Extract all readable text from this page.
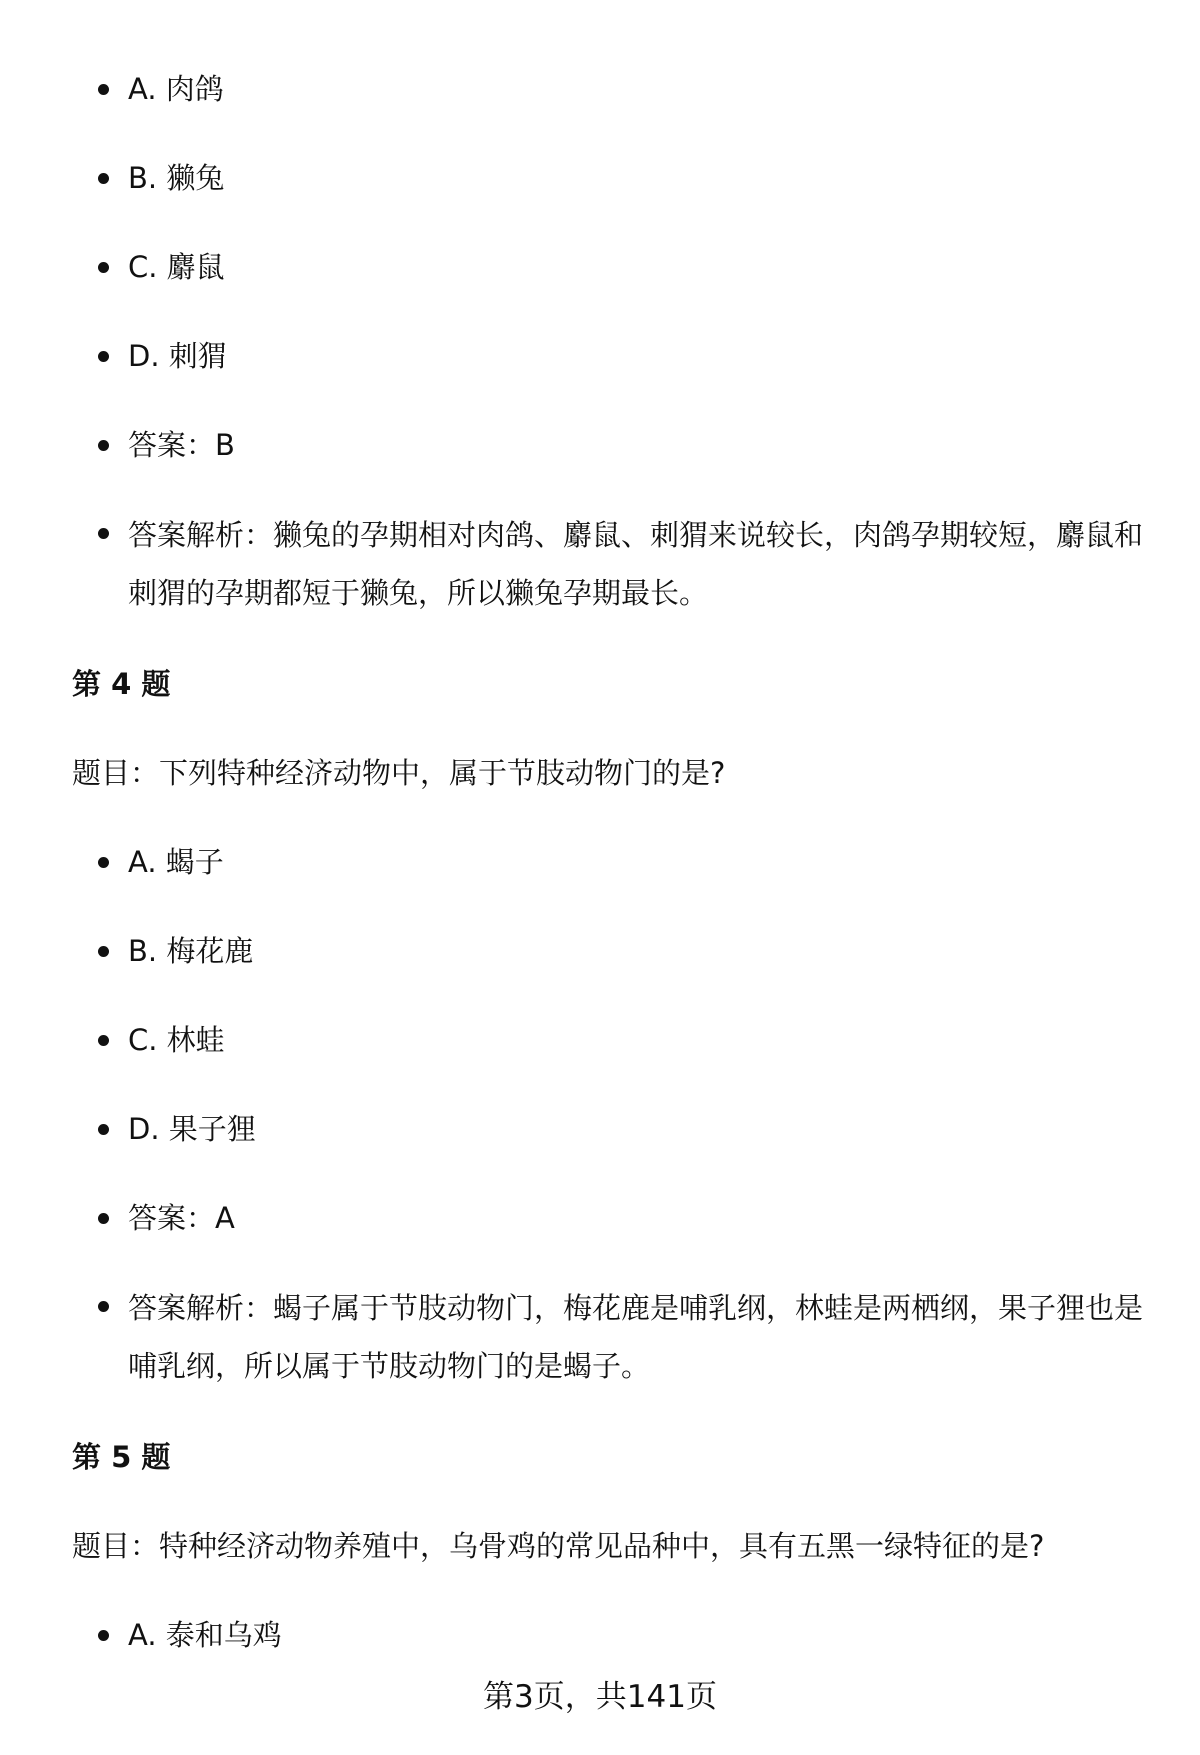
A. 肉鸽
B. 獭兔
C. 麝鼠
D. 刺猬
答案：B
答案解析：獭兔的孕期相对肉鸽、麝鼠、刺猬来说较长，肉鸽孕期较短，麝鼠和刺猬的孕期都短于獭兔，所以獭兔孕期最长。
第 4 题
题目：下列特种经济动物中，属于节肢动物门的是?
A. 蝎子
B. 梅花鹿
C. 林蛙
D. 果子狸
答案：A
答案解析：蝎子属于节肢动物门，梅花鹿是哺乳纲，林蛙是两栖纲，果子狸也是哺乳纲，所以属于节肢动物门的是蝎子。
第 5 题
题目：特种经济动物养殖中，乌骨鸡的常见品种中，具有五黑一绿特征的是?
A. 泰和乌鸡
第3页，共141页
